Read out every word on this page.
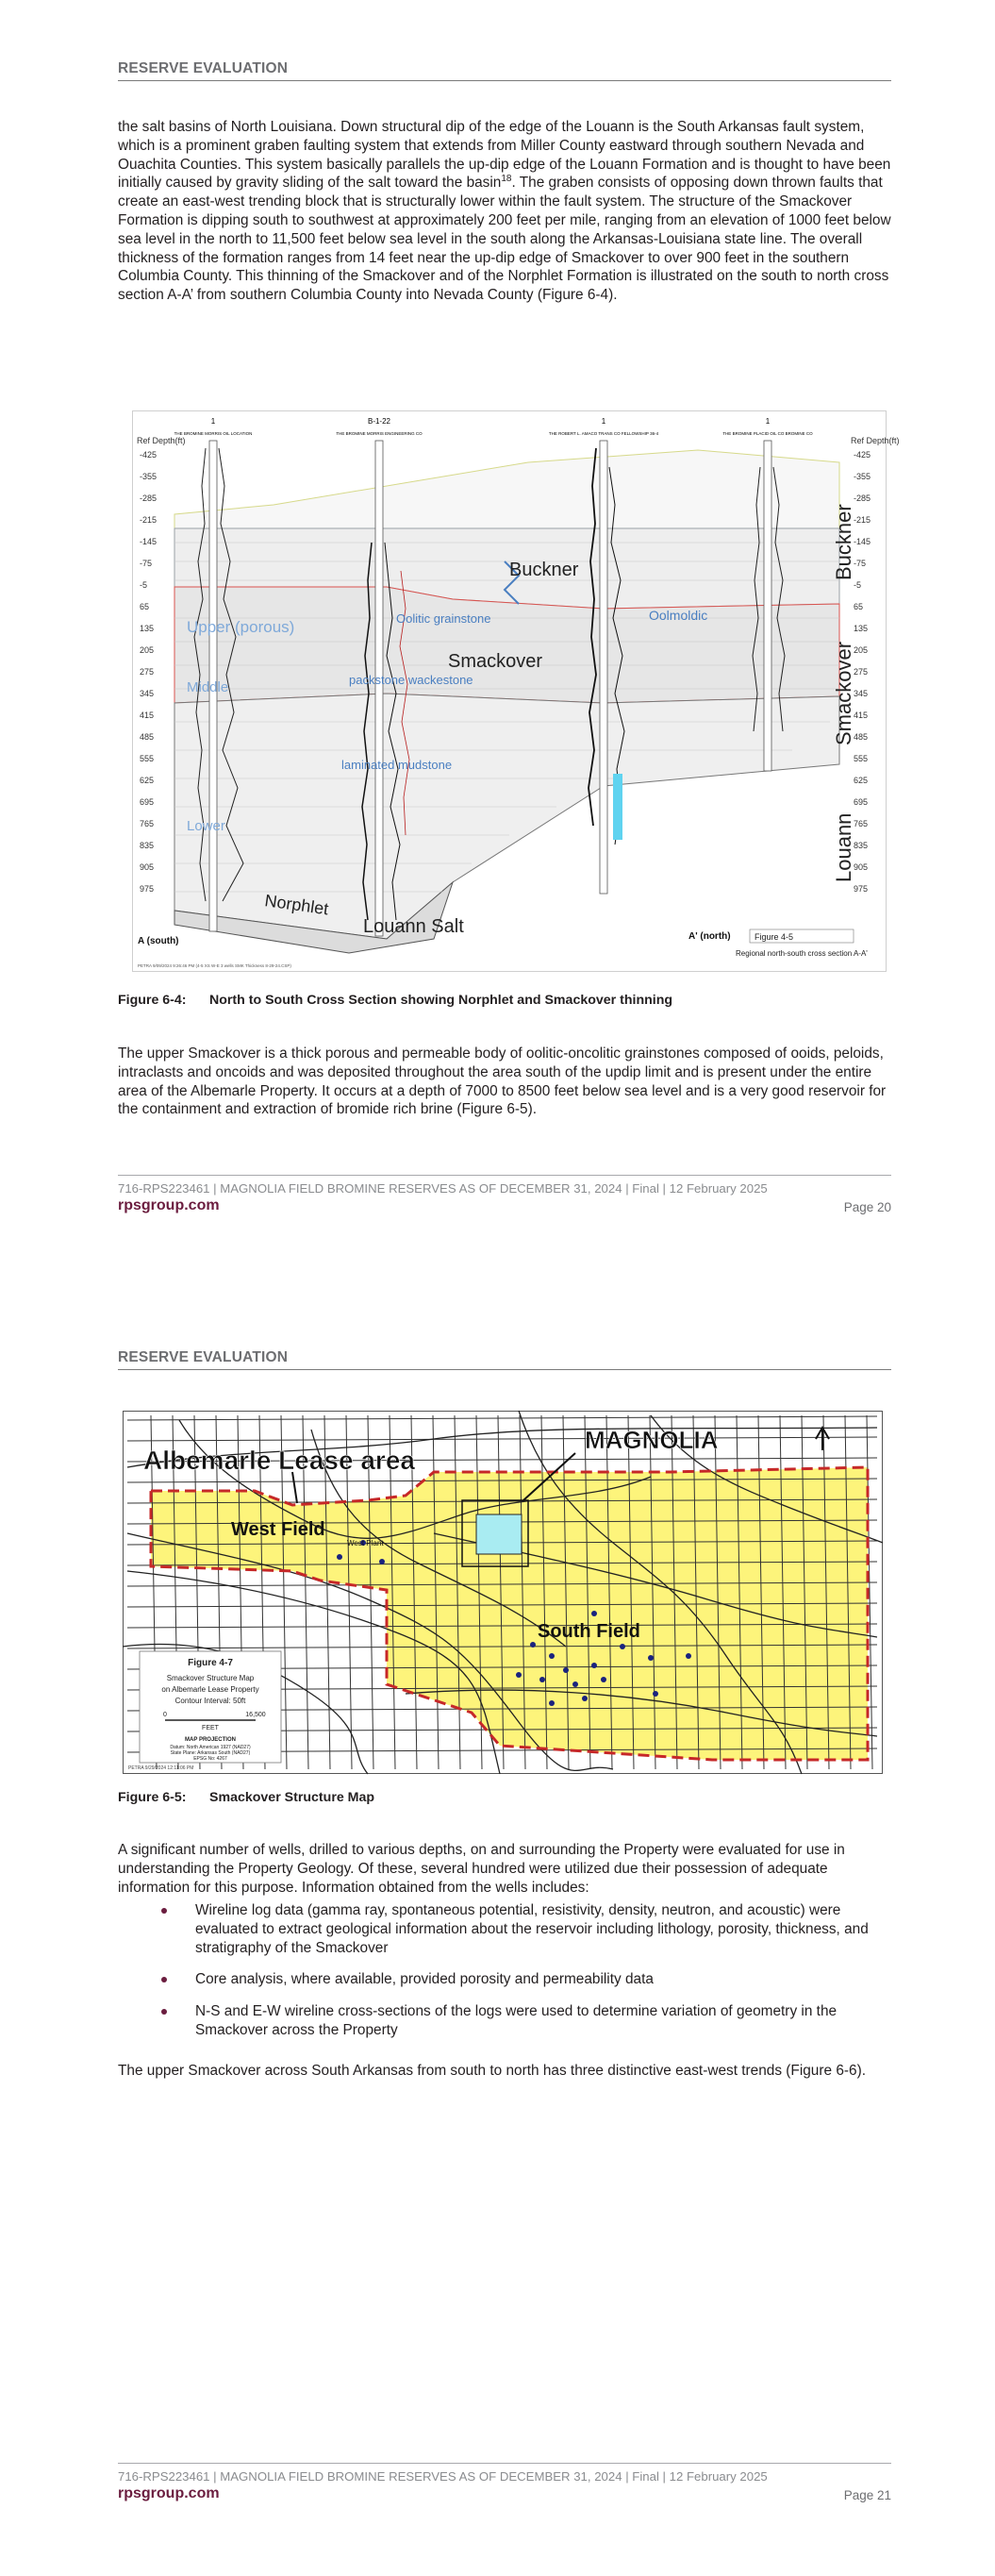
RESERVE EVALUATION

the salt basins of North Louisiana. Down structural dip of the edge of the Louann is the South Arkansas fault system, which is a prominent graben faulting system that extends from Miller County eastward through southern Nevada and Ouachita Counties. This system basically parallels the up-dip edge of the Louann Formation and is thought to have been initially caused by gravity sliding of the salt toward the basin$^{18}$. The graben consists of opposing down thrown faults that create an east-west trending block that is structurally lower within the fault system. The structure of the Smackover Formation is dipping south to southwest at approximately 200 feet per mile, ranging from an elevation of 1000 feet below sea level in the north to 11,500 feet below sea level in the south along the Arkansas-Louisiana state line. The overall thickness of the formation ranges from 14 feet near the up-dip edge of Smackover to over 900 feet in the southern Columbia County. This thinning of the Smackover and of the Norphlet Formation is illustrated on the south to north cross section A-A’ from southern Columbia County into Nevada County (Figure 6-4).

Ref Depth(ft)
-425
-355
-285
-215
-145
-75
-5
65
135
205
275
345
415
485
555
625
695
765
835
905
975
Ref Depth(ft)
-425
-355
-285
-215
-145
-75
-5
65
135
205
275
345
415
485
555
625
695
765
835
905
975
1
THE BROMINE MORRIS OIL LOCATION
B-1-22
THE BROMINE MORRIS ENGINEERING CO
1
THE ROBERT L. AMACO TRANS CO FELLOWSHIP 36-4
1
THE BROMINE PLACID OIL CO BROMINE CO
Upper (porous)
Middle
Lower
Oolitic grainstone
packstone wackestone
laminated mudstone
Buckner
Smackover
Oolmoldic
Norphlet
Louann Salt
Buckner
Smackover
Louann
A (south)	A' (north)	Figure 4-5
Regional north-south cross section A-A'
PETRA 9/09/2024 9:26:46 PM (4-5 XS W-E 3 wells SMK Thickness 8-29-24.CSP)

Figure 6-4: North to South Cross Section showing Norphlet and Smackover thinning

The upper Smackover is a thick porous and permeable body of oolitic-oncolitic grainstones composed of ooids, peloids, intraclasts and oncoids and was deposited throughout the area south of the updip limit and is present under the entire area of the Albemarle Property. It occurs at a depth of 7000 to 8500 feet below sea level and is a very good reservoir for the containment and extraction of bromide rich brine (Figure 6-5).

716-RPS223461 | MAGNOLIA FIELD BROMINE RESERVES AS OF DECEMBER 31, 2024 | Final | 12 February 2025

rpsgroup.com	Page 20

RESERVE EVALUATION
Albemarle Lease area
MAGNOLIA
West Field
South Field
West Plant
Figure 4-7
Smackover Structure Map
on Albemarle Lease Property
Contour Interval: 50ft
0	16,500
FEET
MAP PROJECTION
Datum: North American 1927 (NAD27)
State Plane: Arkansas South (NAD27)
EPSG No: 4267
PETRA 9/29/2024 12:11:06 PM

Figure 6-5: Smackover Structure Map

A significant number of wells, drilled to various depths, on and surrounding the Property were evaluated for use in understanding the Property Geology. Of these, several hundred were utilized due their possession of adequate information for this purpose. Information obtained from the wells includes:

Wireline log data (gamma ray, spontaneous potential, resistivity, density, neutron, and acoustic) were evaluated to extract geological information about the reservoir including lithology, porosity, thickness, and stratigraphy of the Smackover
Core analysis, where available, provided porosity and permeability data
N-S and E-W wireline cross-sections of the logs were used to determine variation of geometry in the Smackover across the Property

The upper Smackover across South Arkansas from south to north has three distinctive east-west trends (Figure 6-6).

716-RPS223461 | MAGNOLIA FIELD BROMINE RESERVES AS OF DECEMBER 31, 2024 | Final | 12 February 2025

rpsgroup.com	Page 21
